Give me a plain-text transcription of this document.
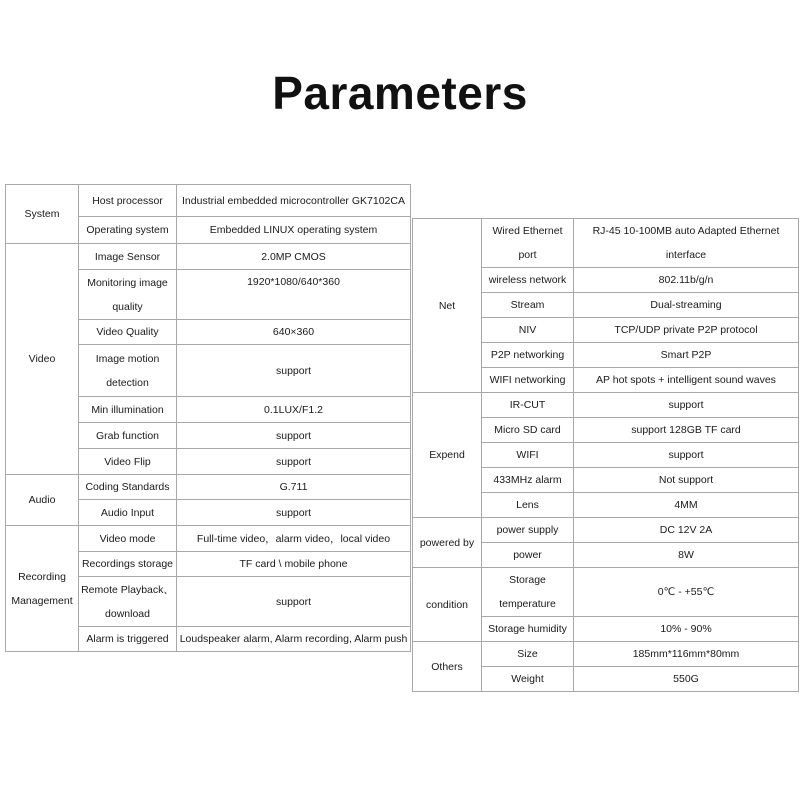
Parameters
System	Host processor	Industrial embedded microcontroller GK7102CA
	Operating system	Embedded LINUX operating system
Video	Image Sensor	2.0MP CMOS
	Monitoring image quality	1920*1080/640*360
	Video Quality	640×360
	Image motion detection	support
	Min illumination	0.1LUX/F1.2
	Grab function	support
	Video Flip	support
Audio	Coding Standards	G.711
	Audio Input	support
Recording Management	Video mode	Full-time video，alarm video，local video
	Recordings storage	TF card \ mobile phone
	Remote Playback、download	support
	Alarm is triggered	Loudspeaker alarm, Alarm recording, Alarm push
Net	Wired Ethernet port	RJ-45 10-100MB auto Adapted Ethernet interface
	wireless network	802.11b/g/n
	Stream	Dual-streaming
	NIV	TCP/UDP private P2P protocol
	P2P networking	Smart P2P
	WIFI networking	AP hot spots + intelligent sound waves
Expend	IR-CUT	support
	Micro SD card	support 128GB TF card
	WIFI	support
	433MHz alarm	Not support
	Lens	4MM
powered by	power supply	DC 12V 2A
	power	8W
condition	Storage temperature	0℃ - +55℃
	Storage humidity	10% - 90%
Others	Size	185mm*116mm*80mm
	Weight	550G
